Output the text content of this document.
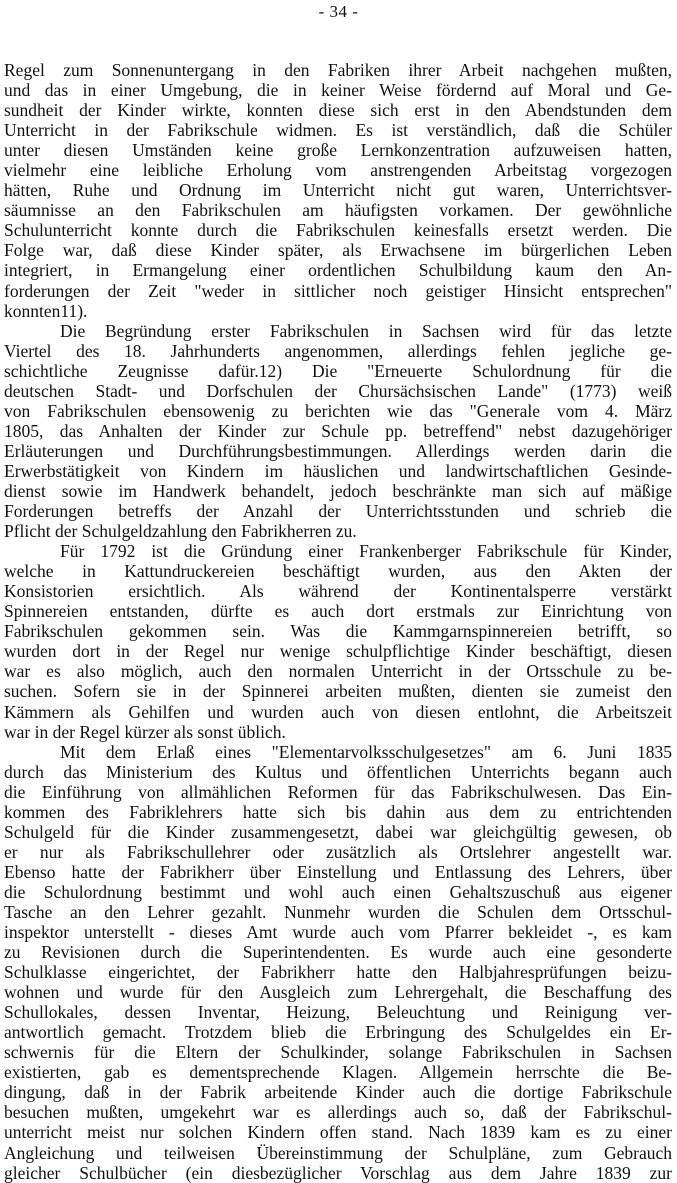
- 34 -
Regel zum Sonnenuntergang in den Fabriken ihrer Arbeit nachgehen mußten,
und das in einer Umgebung, die in keiner Weise fördernd auf Moral und Ge-
sundheit der Kinder wirkte, konnten diese sich erst in den Abendstunden dem
Unterricht in der Fabrikschule widmen. Es ist verständlich, daß die Schüler
unter diesen Umständen keine große Lernkonzentration aufzuweisen hatten,
vielmehr eine leibliche Erholung vom anstrengenden Arbeitstag vorgezogen
hätten, Ruhe und Ordnung im Unterricht nicht gut waren, Unterrichtsver-
säumnisse an den Fabrikschulen am häufigsten vorkamen. Der gewöhnliche
Schulunterricht konnte durch die Fabrikschulen keinesfalls ersetzt werden. Die
Folge war, daß diese Kinder später, als Erwachsene im bürgerlichen Leben
integriert, in Ermangelung einer ordentlichen Schulbildung kaum den An-
forderungen der Zeit "weder in sittlicher noch geistiger Hinsicht entsprechen"
konnten11).
Die Begründung erster Fabrikschulen in Sachsen wird für das letzte
Viertel des 18. Jahrhunderts angenommen, allerdings fehlen jegliche ge-
schichtliche Zeugnisse dafür.12) Die "Erneuerte Schulordnung für die
deutschen Stadt- und Dorfschulen der Chursächsischen Lande" (1773) weiß
von Fabrikschulen ebensowenig zu berichten wie das "Generale vom 4. März
1805, das Anhalten der Kinder zur Schule pp. betreffend" nebst dazugehöriger
Erläuterungen und Durchführungsbestimmungen. Allerdings werden darin die
Erwerbstätigkeit von Kindern im häuslichen und landwirtschaftlichen Gesinde-
dienst sowie im Handwerk behandelt, jedoch beschränkte man sich auf mäßige
Forderungen betreffs der Anzahl der Unterrichtsstunden und schrieb die
Pflicht der Schulgeldzahlung den Fabrikherren zu.
Für 1792 ist die Gründung einer Frankenberger Fabrikschule für Kinder,
welche in Kattundruckereien beschäftigt wurden, aus den Akten der
Konsistorien ersichtlich. Als während der Kontinentalsperre verstärkt
Spinnereien entstanden, dürfte es auch dort erstmals zur Einrichtung von
Fabrikschulen gekommen sein. Was die Kammgarnspinnereien betrifft, so
wurden dort in der Regel nur wenige schulpflichtige Kinder beschäftigt, diesen
war es also möglich, auch den normalen Unterricht in der Ortsschule zu be-
suchen. Sofern sie in der Spinnerei arbeiten mußten, dienten sie zumeist den
Kämmern als Gehilfen und wurden auch von diesen entlohnt, die Arbeitszeit
war in der Regel kürzer als sonst üblich.
Mit dem Erlaß eines "Elementarvolksschulgesetzes" am 6. Juni 1835
durch das Ministerium des Kultus und öffentlichen Unterrichts begann auch
die Einführung von allmählichen Reformen für das Fabrikschulwesen. Das Ein-
kommen des Fabriklehrers hatte sich bis dahin aus dem zu entrichtenden
Schulgeld für die Kinder zusammengesetzt, dabei war gleichgültig gewesen, ob
er nur als Fabrikschullehrer oder zusätzlich als Ortslehrer angestellt war.
Ebenso hatte der Fabrikherr über Einstellung und Entlassung des Lehrers, über
die Schulordnung bestimmt und wohl auch einen Gehaltszuschuß aus eigener
Tasche an den Lehrer gezahlt. Nunmehr wurden die Schulen dem Ortsschul-
inspektor unterstellt - dieses Amt wurde auch vom Pfarrer bekleidet -, es kam
zu Revisionen durch die Superintendenten. Es wurde auch eine gesonderte
Schulklasse eingerichtet, der Fabrikherr hatte den Halbjahresprüfungen beizu-
wohnen und wurde für den Ausgleich zum Lehrergehalt, die Beschaffung des
Schullokales, dessen Inventar, Heizung, Beleuchtung und Reinigung ver-
antwortlich gemacht. Trotzdem blieb die Erbringung des Schulgeldes ein Er-
schwernis für die Eltern der Schulkinder, solange Fabrikschulen in Sachsen
existierten, gab es dementsprechende Klagen. Allgemein herrschte die Be-
dingung, daß in der Fabrik arbeitende Kinder auch die dortige Fabrikschule
besuchen mußten, umgekehrt war es allerdings auch so, daß der Fabrikschul-
unterricht meist nur solchen Kindern offen stand. Nach 1839 kam es zu einer
Angleichung und teilweisen Übereinstimmung der Schulpläne, zum Gebrauch
gleicher Schulbücher (ein diesbezüglicher Vorschlag aus dem Jahre 1839 zur
